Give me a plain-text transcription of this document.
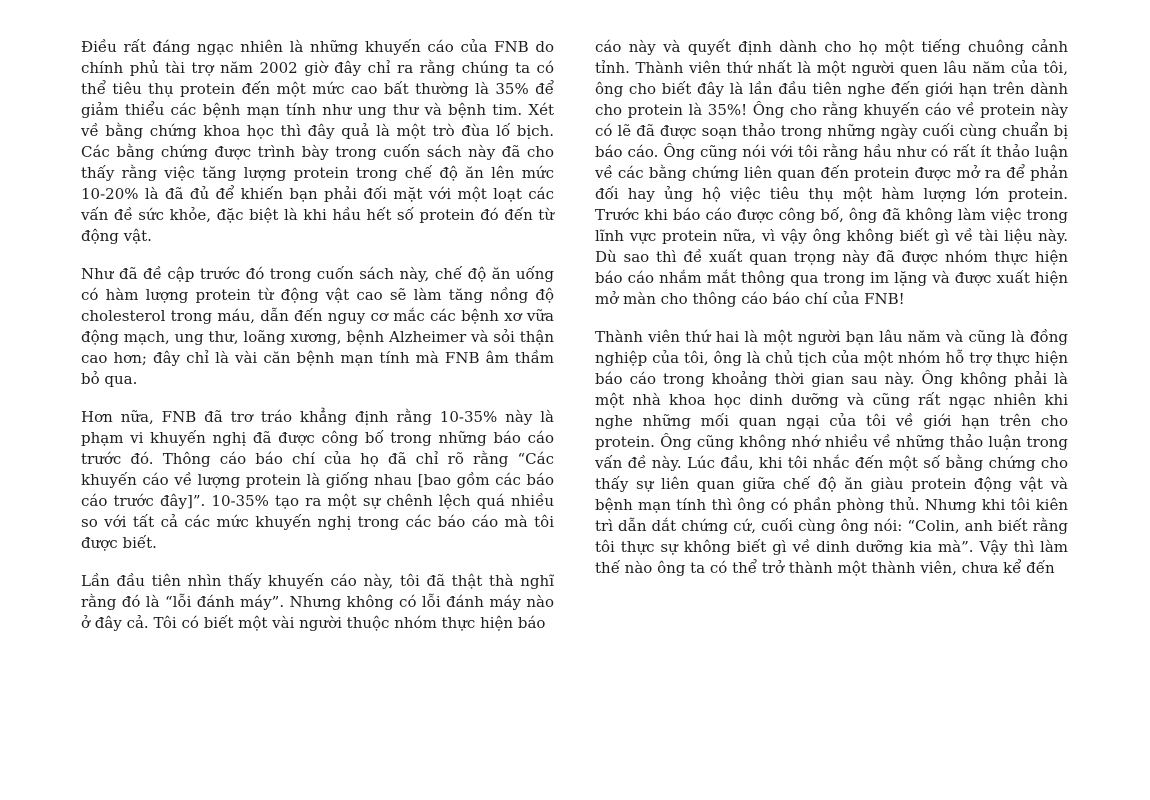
Điều rất đáng ngạc nhiên là những khuyến cáo của FNB do chính phủ tài trợ năm 2002 giờ đây chỉ ra rằng chúng ta có thể tiêu thụ protein đến một mức cao bất thường là 35% để giảm thiểu các bệnh mạn tính như ung thư và bệnh tim. Xét về bằng chứng khoa học thì đây quả là một trò đùa lố bịch. Các bằng chứng được trình bày trong cuốn sách này đã cho thấy rằng việc tăng lượng protein trong chế độ ăn lên mức 10-20% là đã đủ để khiến bạn phải đối mặt với một loạt các vấn đề sức khỏe, đặc biệt là khi hầu hết số protein đó đến từ động vật.

Như đã đề cập trước đó trong cuốn sách này, chế độ ăn uống có hàm lượng protein từ động vật cao sẽ làm tăng nồng độ cholesterol trong máu, dẫn đến nguy cơ mắc các bệnh xơ vữa động mạch, ung thư, loãng xương, bệnh Alzheimer và sỏi thận cao hơn; đây chỉ là vài căn bệnh mạn tính mà FNB âm thầm bỏ qua.

Hơn nữa, FNB đã trơ tráo khẳng định rằng 10-35% này là phạm vi khuyến nghị đã được công bố trong những báo cáo trước đó. Thông cáo báo chí của họ đã chỉ rõ rằng “Các khuyến cáo về lượng protein là giống nhau [bao gồm các báo cáo trước đây]”. 10-35% tạo ra một sự chênh lệch quá nhiều so với tất cả các mức khuyến nghị trong các báo cáo mà tôi được biết.

Lần đầu tiên nhìn thấy khuyến cáo này, tôi đã thật thà nghĩ rằng đó là “lỗi đánh máy”. Nhưng không có lỗi đánh máy nào ở đây cả. Tôi có biết một vài người thuộc nhóm thực hiện báo

cáo này và quyết định dành cho họ một tiếng chuông cảnh tỉnh. Thành viên thứ nhất là một người quen lâu năm của tôi, ông cho biết đây là lần đầu tiên nghe đến giới hạn trên dành cho protein là 35%! Ông cho rằng khuyến cáo về protein này có lẽ đã được soạn thảo trong những ngày cuối cùng chuẩn bị báo cáo. Ông cũng nói với tôi rằng hầu như có rất ít thảo luận về các bằng chứng liên quan đến protein được mở ra để phản đối hay ủng hộ việc tiêu thụ một hàm lượng lớn protein. Trước khi báo cáo được công bố, ông đã không làm việc trong lĩnh vực protein nữa, vì vậy ông không biết gì về tài liệu này. Dù sao thì đề xuất quan trọng này đã được nhóm thực hiện báo cáo nhắm mắt thông qua trong im lặng và được xuất hiện mở màn cho thông cáo báo chí của FNB!

Thành viên thứ hai là một người bạn lâu năm và cũng là đồng nghiệp của tôi, ông là chủ tịch của một nhóm hỗ trợ thực hiện báo cáo trong khoảng thời gian sau này. Ông không phải là một nhà khoa học dinh dưỡng và cũng rất ngạc nhiên khi nghe những mối quan ngại của tôi về giới hạn trên cho protein. Ông cũng không nhớ nhiều về những thảo luận trong vấn đề này. Lúc đầu, khi tôi nhắc đến một số bằng chứng cho thấy sự liên quan giữa chế độ ăn giàu protein động vật và bệnh mạn tính thì ông có phần phòng thủ. Nhưng khi tôi kiên trì dẫn dắt chứng cứ, cuối cùng ông nói: “Colin, anh biết rằng tôi thực sự không biết gì về dinh dưỡng kia mà”. Vậy thì làm thế nào ông ta có thể trở thành một thành viên, chưa kể đến
